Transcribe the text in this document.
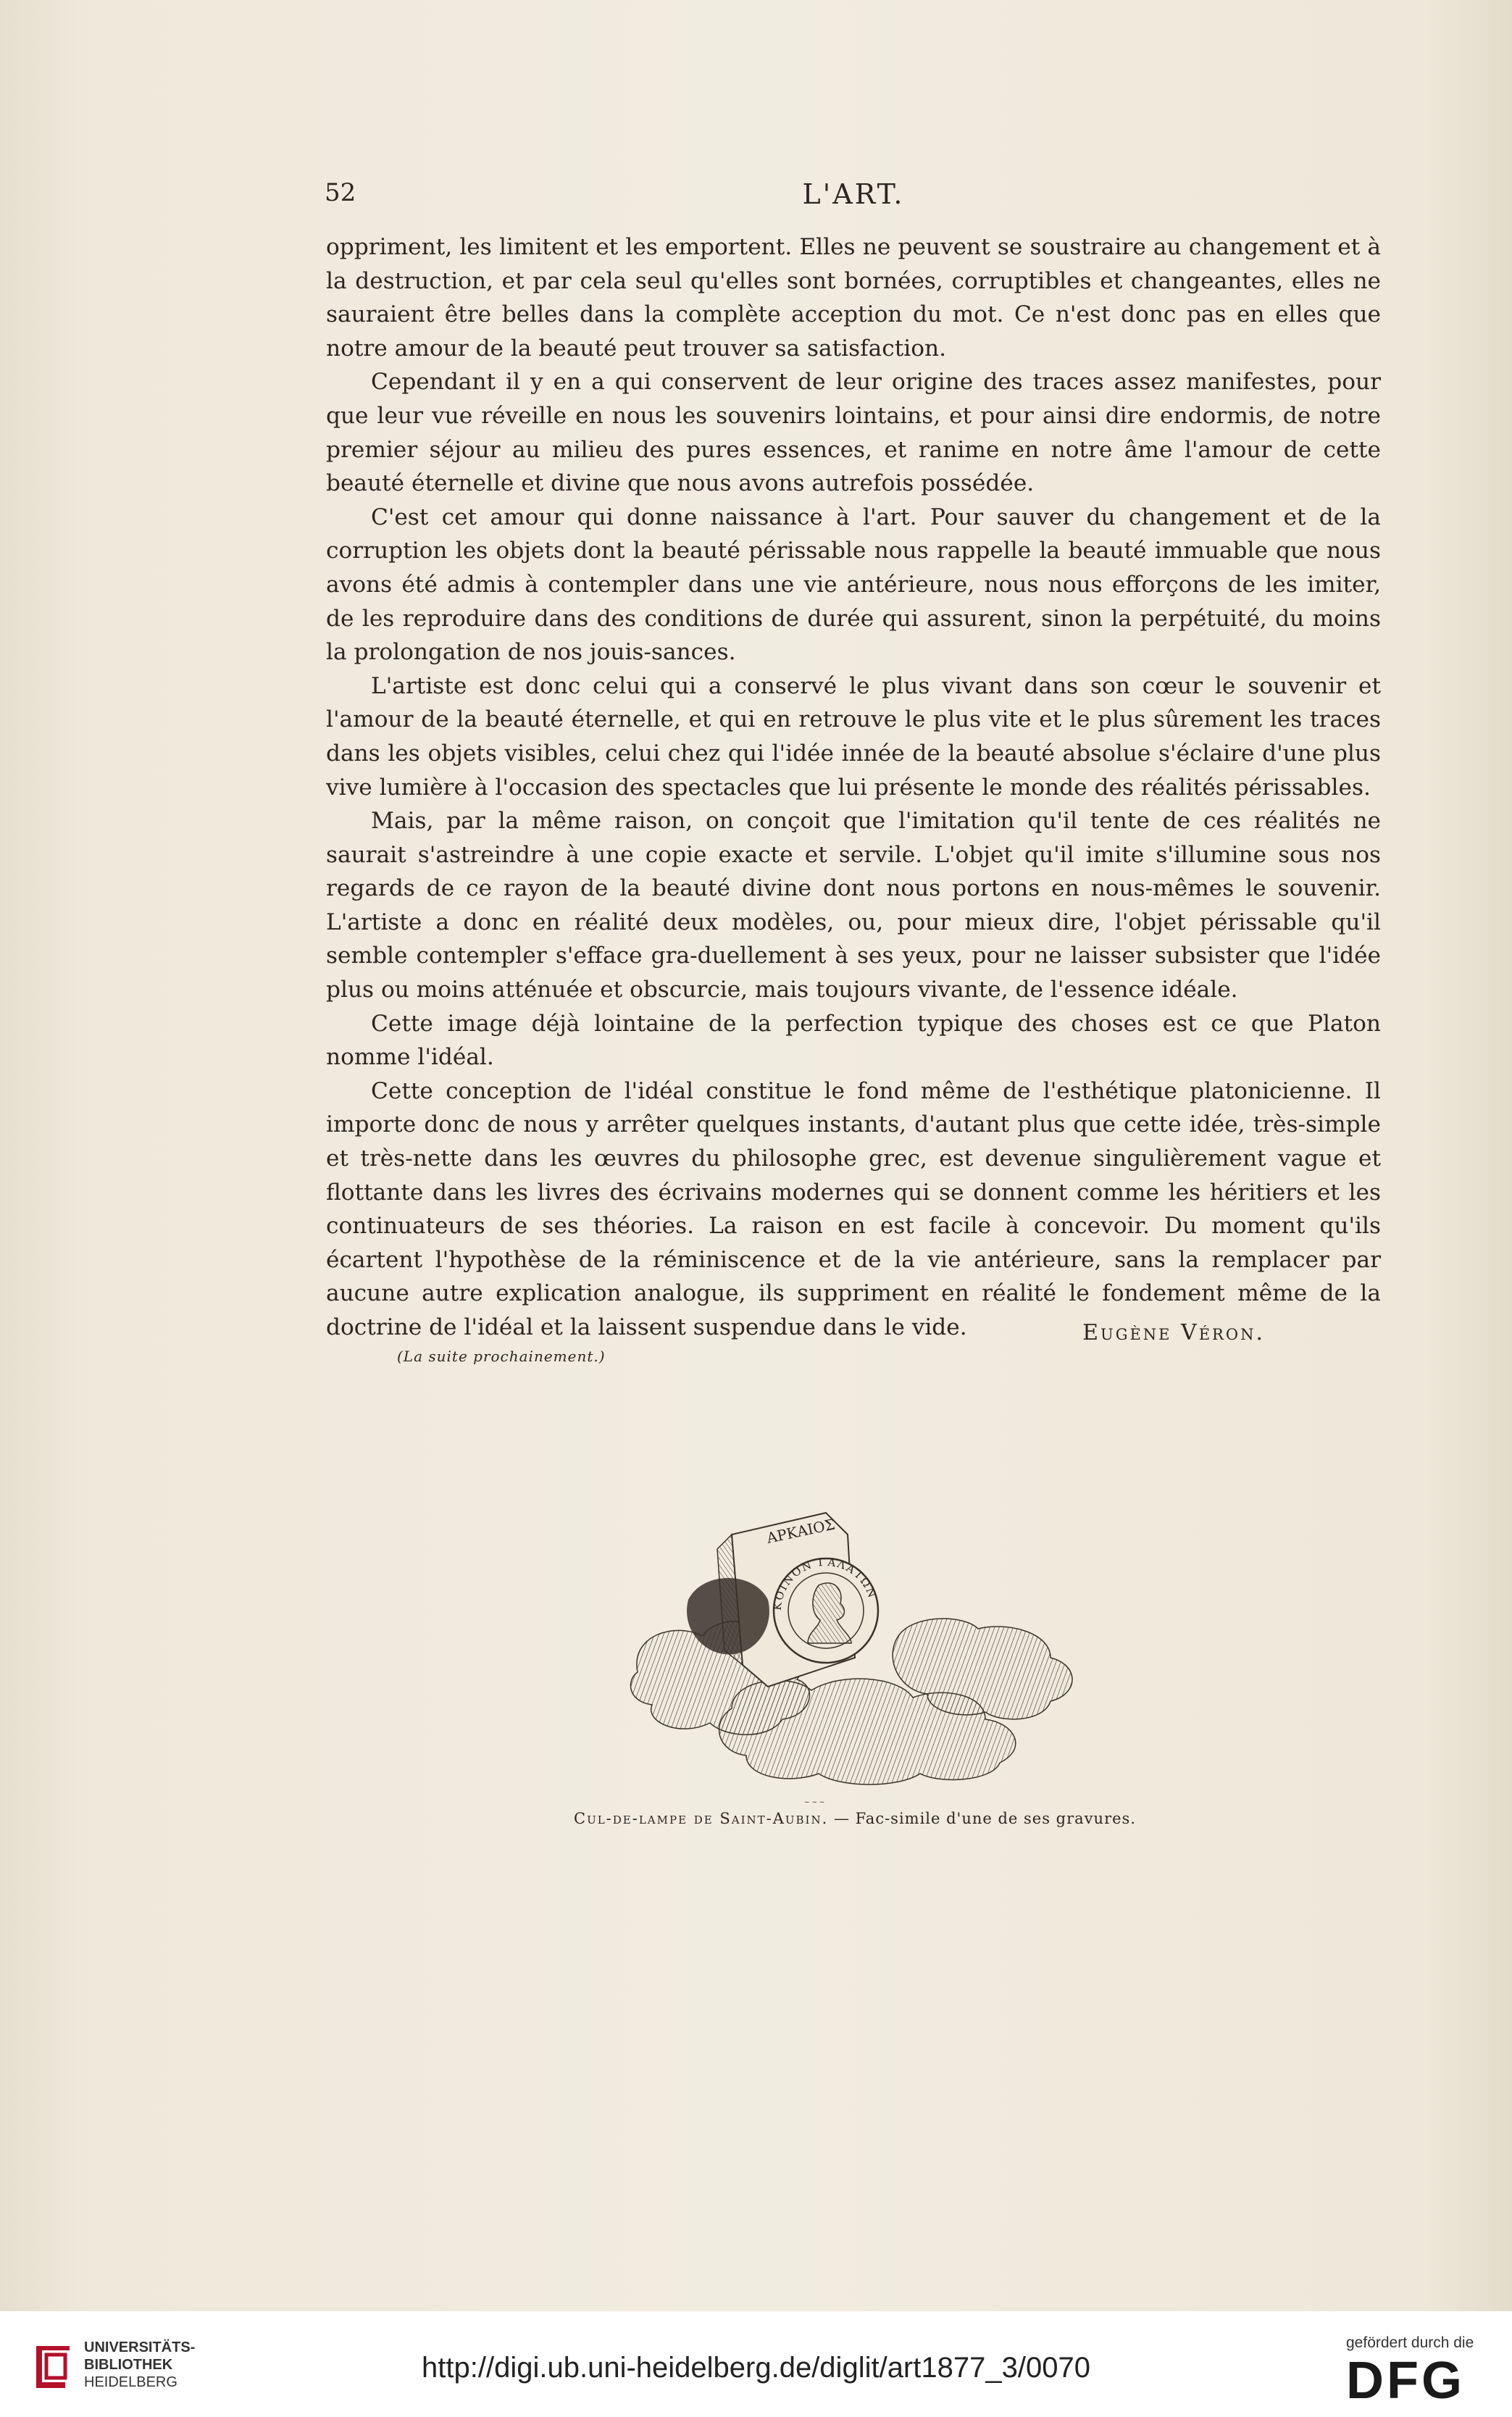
52	L'ART.

oppriment, les limitent et les emportent. Elles ne peuvent se soustraire au changement et à la destruction, et par cela seul qu'elles sont bornées, corruptibles et changeantes, elles ne sauraient être belles dans la complète acception du mot. Ce n'est donc pas en elles que notre amour de la beauté peut trouver sa satisfaction.

Cependant il y en a qui conservent de leur origine des traces assez manifestes, pour que leur vue réveille en nous les souvenirs lointains, et pour ainsi dire endormis, de notre premier séjour au milieu des pures essences, et ranime en notre âme l'amour de cette beauté éternelle et divine que nous avons autrefois possédée.

C'est cet amour qui donne naissance à l'art. Pour sauver du changement et de la corruption les objets dont la beauté périssable nous rappelle la beauté immuable que nous avons été admis à contempler dans une vie antérieure, nous nous efforçons de les imiter, de les reproduire dans des conditions de durée qui assurent, sinon la perpétuité, du moins la prolongation de nos jouis-sances.

L'artiste est donc celui qui a conservé le plus vivant dans son cœur le souvenir et l'amour de la beauté éternelle, et qui en retrouve le plus vite et le plus sûrement les traces dans les objets visibles, celui chez qui l'idée innée de la beauté absolue s'éclaire d'une plus vive lumière à l'occasion des spectacles que lui présente le monde des réalités périssables.

Mais, par la même raison, on conçoit que l'imitation qu'il tente de ces réalités ne saurait s'astreindre à une copie exacte et servile. L'objet qu'il imite s'illumine sous nos regards de ce rayon de la beauté divine dont nous portons en nous-mêmes le souvenir. L'artiste a donc en réalité deux modèles, ou, pour mieux dire, l'objet périssable qu'il semble contempler s'efface gra-duellement à ses yeux, pour ne laisser subsister que l'idée plus ou moins atténuée et obscurcie, mais toujours vivante, de l'essence idéale.

Cette image déjà lointaine de la perfection typique des choses est ce que Platon nomme l'idéal.

Cette conception de l'idéal constitue le fond même de l'esthétique platonicienne. Il importe donc de nous y arrêter quelques instants, d'autant plus que cette idée, très-simple et très-nette dans les œuvres du philosophe grec, est devenue singulièrement vague et flottante dans les livres des écrivains modernes qui se donnent comme les héritiers et les continuateurs de ses théories. La raison en est facile à concevoir. Du moment qu'ils écartent l'hypothèse de la réminiscence et de la vie antérieure, sans la remplacer par aucune autre explication analogue, ils suppriment en réalité le fondement même de la doctrine de l'idéal et la laissent suspendue dans le vide.	Eugène Véron.
(La suite prochainement.)
ΑΡΚΑΙΟΣ
ΚΟΙΝΟΝ ΓΑΛΑΤΩΝ
~ ~ ~
Cul-de-lampe de Saint-Aubin. — Fac-simile d'une de ses gravures.
UNIVERSITÄTS-
BIBLIOTHEK
HEIDELBERG	http://digi.ub.uni-heidelberg.de/diglit/art1877_3/0070
gefördert durch die
DFG
